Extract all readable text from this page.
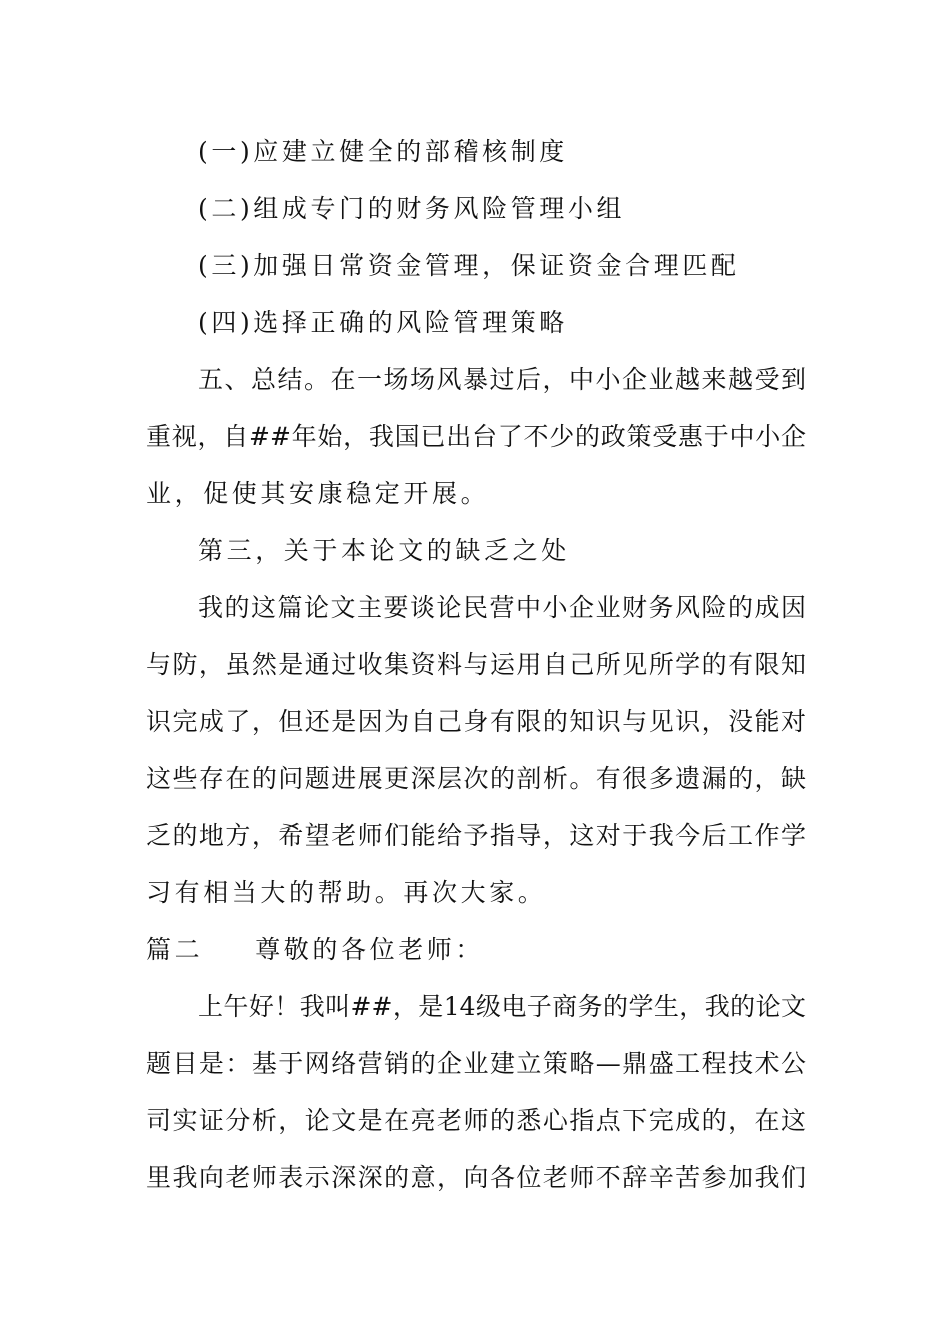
(一)应建立健全的部稽核制度
(二)组成专门的财务风险管理小组
(三)加强日常资金管理，保证资金合理匹配
(四)选择正确的风险管理策略
五、总结。在一场场风暴过后，中小企业越来越受到
重视，自##年始，我国已出台了不少的政策受惠于中小企
业，促使其安康稳定开展。
第三，关于本论文的缺乏之处
我的这篇论文主要谈论民营中小企业财务风险的成因
与防，虽然是通过收集资料与运用自己所见所学的有限知
识完成了，但还是因为自己身有限的知识与见识，没能对
这些存在的问题进展更深层次的剖析。有很多遗漏的，缺
乏的地方，希望老师们能给予指导，这对于我今后工作学
习有相当大的帮助。再次大家。
篇二 尊敬的各位老师：
上午好！我叫##，是14级电子商务的学生，我的论文
题目是：基于网络营销的企业建立策略—鼎盛工程技术公
司实证分析，论文是在亮老师的悉心指点下完成的，在这
里我向老师表示深深的意，向各位老师不辞辛苦参加我们
